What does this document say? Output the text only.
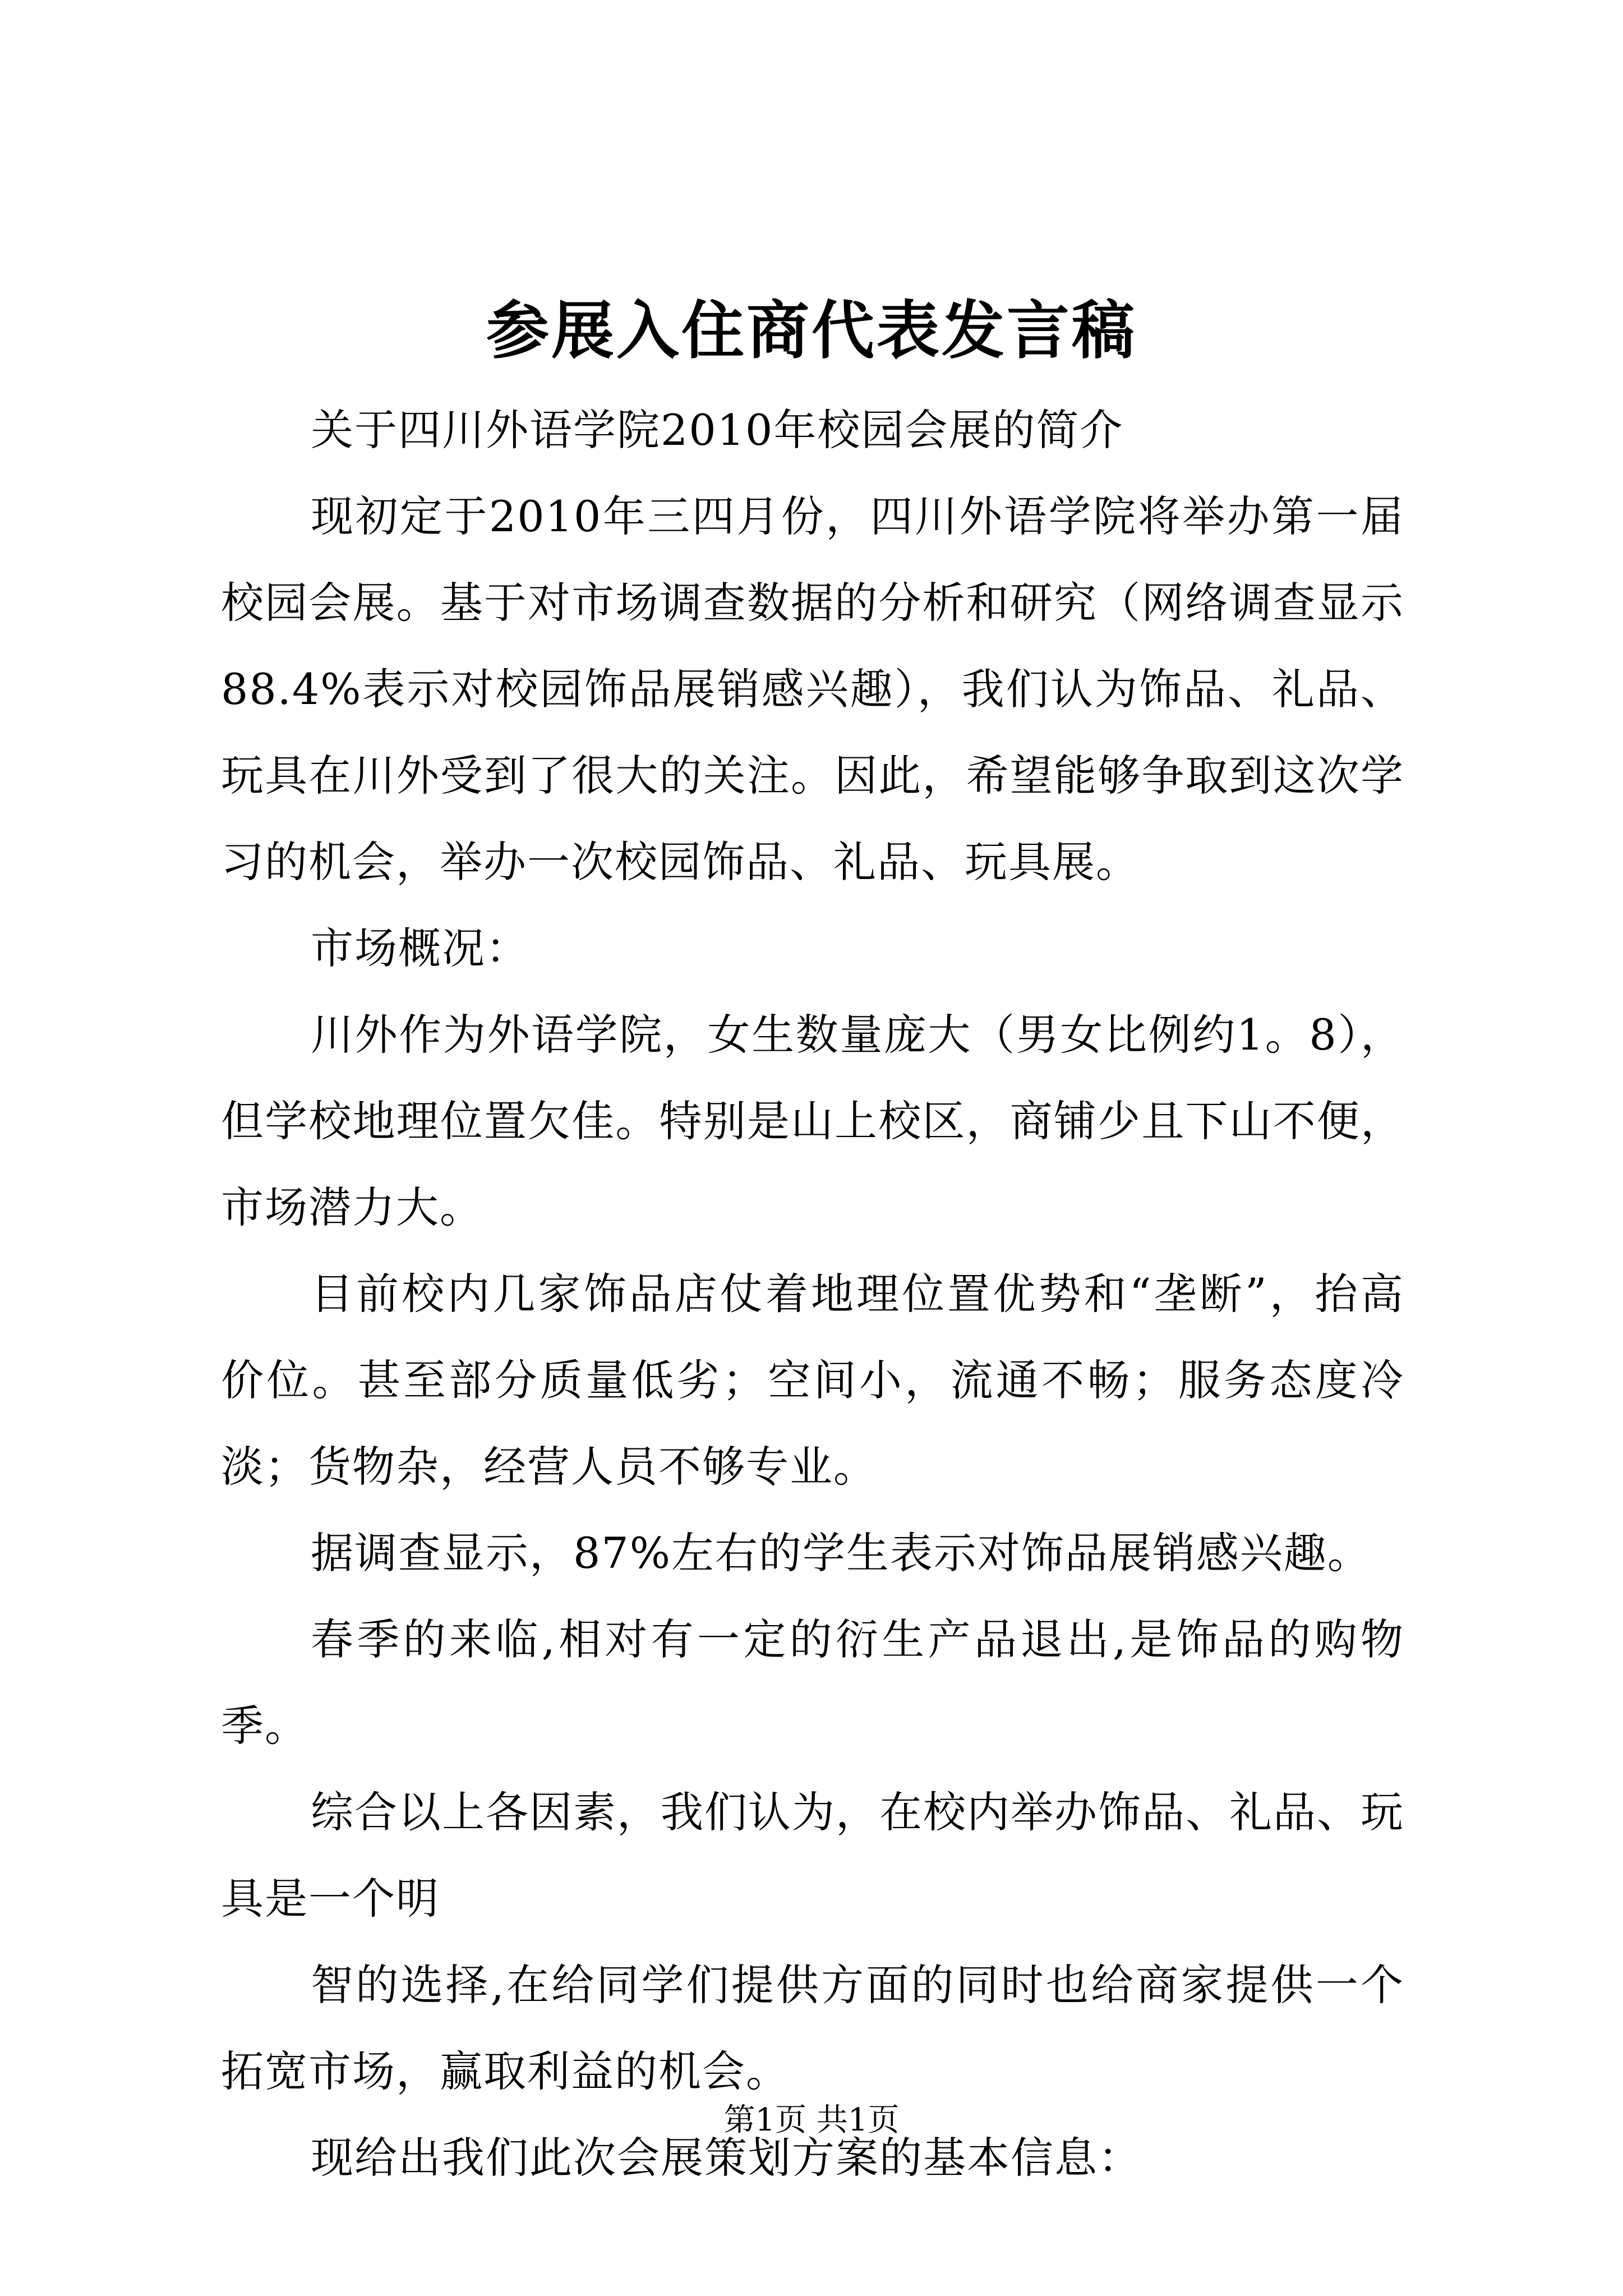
参展入住商代表发言稿

关于四川外语学院2010年校园会展的简介

现初定于2010年三四月份，四川外语学院将举办第一届校园会展。基于对市场调查数据的分析和研究（网络调查显示88.4%表示对校园饰品展销感兴趣），我们认为饰品、礼品、玩具在川外受到了很大的关注。因此，希望能够争取到这次学习的机会，举办一次校园饰品、礼品、玩具展。

市场概况：

川外作为外语学院，女生数量庞大（男女比例约1。8），但学校地理位置欠佳。特别是山上校区，商铺少且下山不便，市场潜力大。

目前校内几家饰品店仗着地理位置优势和“垄断”，抬高价位。甚至部分质量低劣；空间小，流通不畅；服务态度冷淡；货物杂，经营人员不够专业。

据调查显示，87%左右的学生表示对饰品展销感兴趣。

春季的来临,相对有一定的衍生产品退出,是饰品的购物季。

综合以上各因素，我们认为，在校内举办饰品、礼品、玩具是一个明

智的选择,在给同学们提供方面的同时也给商家提供一个拓宽市场，赢取利益的机会。

现给出我们此次会展策划方案的基本信息：

第1页 共1页
